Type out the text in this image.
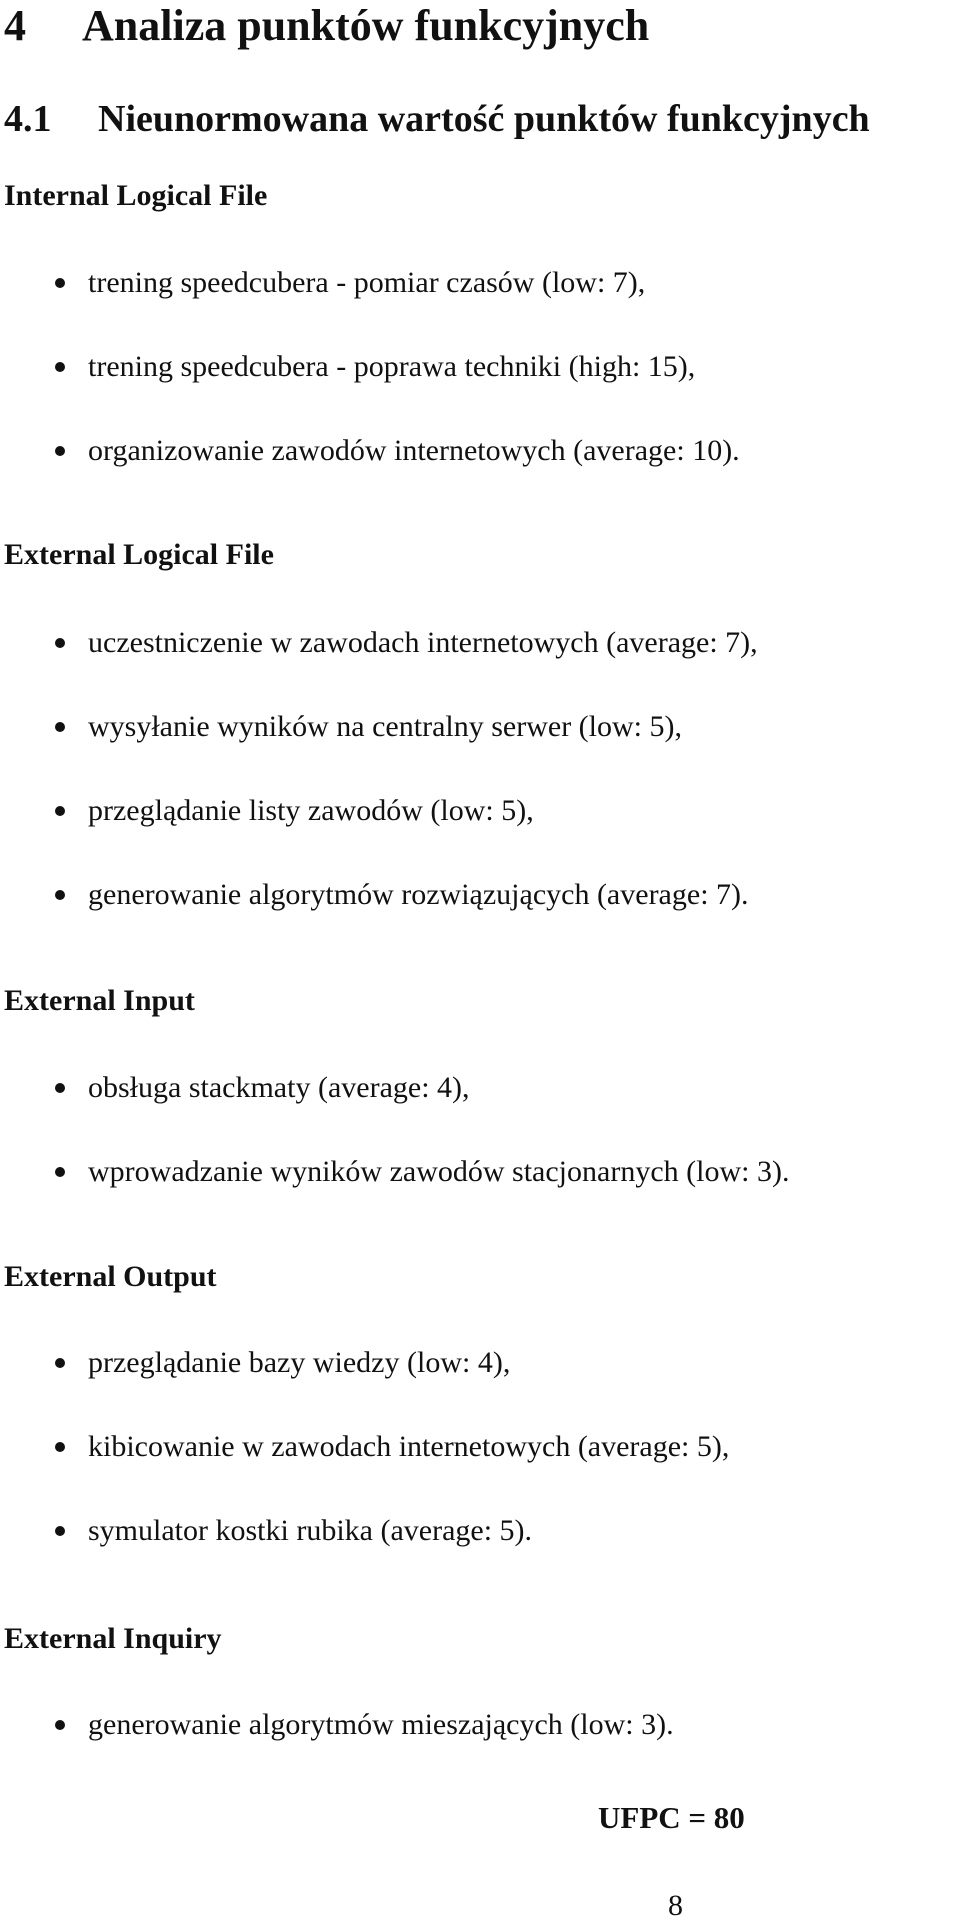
4 Analiza punktów funkcyjnych
4.1 Nieunormowana wartość punktów funkcyjnych
Internal Logical File
trening speedcubera - pomiar czasów (low: 7),
trening speedcubera - poprawa techniki (high: 15),
organizowanie zawodów internetowych (average: 10).
External Logical File
uczestniczenie w zawodach internetowych (average: 7),
wysyłanie wyników na centralny serwer (low: 5),
przeglądanie listy zawodów (low: 5),
generowanie algorytmów rozwiązujących (average: 7).
External Input
obsługa stackmaty (average: 4),
wprowadzanie wyników zawodów stacjonarnych (low: 3).
External Output
przeglądanie bazy wiedzy (low: 4),
kibicowanie w zawodach internetowych (average: 5),
symulator kostki rubika (average: 5).
External Inquiry
generowanie algorytmów mieszających (low: 3).
UFPC = 80
8
